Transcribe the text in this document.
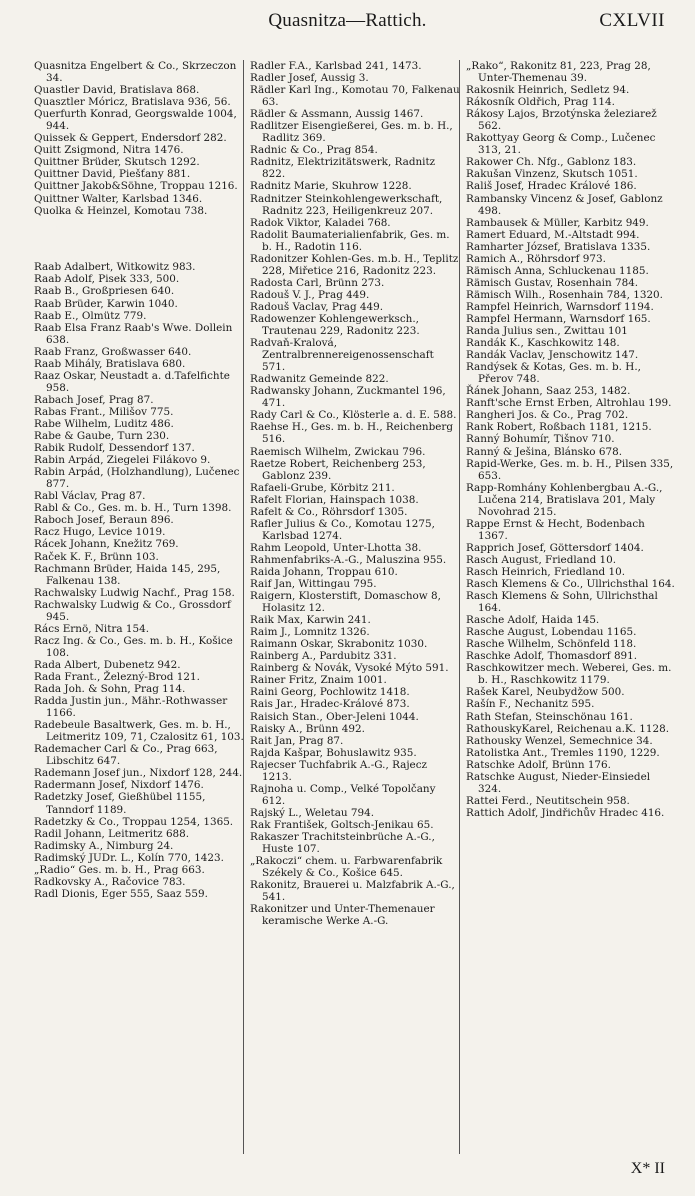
Quasnitza—Rattich.	CXLVII

Quasnitza Engelbert & Co., Skrzeczon 34.

Quastler David, Bratislava 868.

Quasztler Móricz, Bratislava 936, 56.

Querfurth Konrad, Georgswalde 1004, 944.

Quissek & Geppert, Endersdorf 282.

Quitt Zsigmond, Nitra 1476.

Quittner Brüder, Skutsch 1292.

Quittner David, Piešťany 881.

Quittner Jakob&Söhne, Troppau 1216.

Quittner Walter, Karlsbad 1346.

Quolka & Heinzel, Komotau 738.

Raab Adalbert, Witkowitz 983.

Raab Adolf, Pisek 333, 500.

Raab B., Großpriesen 640.

Raab Brüder, Karwin 1040.

Raab E., Olmütz 779.

Raab Elsa Franz Raab's Wwe. Dollein 638.

Raab Franz, Großwasser 640.

Raab Mihály, Bratislava 680.

Raaz Oskar, Neustadt a. d.Tafelfichte 958.

Rabach Josef, Prag 87.

Rabas Frant., Milišov 775.

Rabe Wilhelm, Luditz 486.

Rabe & Gaube, Turn 230.

Rabik Rudolf, Dessendorf 137.

Rabin Arpád, Ziegelei Filákovo 9.

Rabin Arpád, (Holzhandlung), Lučenec 877.

Rabl Václav, Prag 87.

Rabl & Co., Ges. m. b. H., Turn 1398.

Raboch Josef, Beraun 896.

Racz Hugo, Levice 1019.

Rácek Johann, Knežitz 769.

Raček K. F., Brünn 103.

Rachmann Brüder, Haida 145, 295, Falkenau 138.

Rachwalsky Ludwig Nachf., Prag 158.

Rachwalsky Ludwig & Co., Grossdorf 945.

Rács Ernö, Nitra 154.

Racz Ing. & Co., Ges. m. b. H., Košice 108.

Rada Albert, Dubenetz 942.

Rada Frant., Železný-Brod 121.

Rada Joh. & Sohn, Prag 114.

Radda Justin jun., Mähr.-Rothwasser 1166.

Radebeule Basaltwerk, Ges. m. b. H., Leitmeritz 109, 71, Czalositz 61, 103.

Rademacher Carl & Co., Prag 663, Libschitz 647.

Rademann Josef jun., Nixdorf 128, 244.

Radermann Josef, Nixdorf 1476.

Radetzky Josef, Gießhübel 1155, Tanndorf 1189.

Radetzky & Co., Troppau 1254, 1365.

Radil Johann, Leitmeritz 688.

Radimsky A., Nimburg 24.

Radimský JUDr. L., Kolín 770, 1423.

„Radio“ Ges. m. b. H., Prag 663.

Radkovsky A., Račovice 783.

Radl Dionis, Eger 555, Saaz 559.

Radler F.A., Karlsbad 241, 1473.

Radler Josef, Aussig 3.

Rädler Karl Ing., Komotau 70, Falkenau 63.

Rädler & Assmann, Aussig 1467.

Radlitzer Eisengießerei, Ges. m. b. H., Radlitz 369.

Radnic & Co., Prag 854.

Radnitz, Elektrizitätswerk, Radnitz 822.

Radnitz Marie, Skuhrow 1228.

Radnitzer Steinkohlengewerkschaft, Radnitz 223, Heiligenkreuz 207.

Radok Viktor, Kaladei 768.

Radolit Baumaterialienfabrik, Ges. m. b. H., Radotin 116.

Radonitzer Kohlen-Ges. m.b. H., Teplitz 228, Miřetice 216, Radonitz 223.

Radosta Carl, Brünn 273.

Radouš V. J., Prag 449.

Radouš Vaclav, Prag 449.

Radowenzer Kohlengewerksch., Trautenau 229, Radonitz 223.

Radvaň-Kralová, Zentralbrennereigenossenschaft 571.

Radwanitz Gemeinde 822.

Radwansky Johann, Zuckmantel 196, 471.

Rady Carl & Co., Klösterle a. d. E. 588.

Raehse H., Ges. m. b. H., Reichenberg 516.

Raemisch Wilhelm, Zwickau 796.

Raetze Robert, Reichenberg 253, Gablonz 239.

Rafaeli-Grube, Körbitz 211.

Rafelt Florian, Hainspach 1038.

Rafelt & Co., Röhrsdorf 1305.

Rafler Julius & Co., Komotau 1275, Karlsbad 1274.

Rahm Leopold, Unter-Lhotta 38.

Rahmenfabriks-A.-G., Maluszina 955.

Raida Johann, Troppau 610.

Raif Jan, Wittingau 795.

Raigern, Klosterstift, Domaschow 8, Holasitz 12.

Raik Max, Karwin 241.

Raim J., Lomnitz 1326.

Raimann Oskar, Skrabonitz 1030.

Rainberg A., Pardubitz 331.

Rainberg & Novák, Vysoké Mýto 591.

Rainer Fritz, Znaim 1001.

Raini Georg, Pochlowitz 1418.

Rais Jar., Hradec-Králové 873.

Raisich Stan., Ober-Jeleni 1044.

Raisky A., Brünn 492.

Rait Jan, Prag 87.

Rajda Kašpar, Bohuslawitz 935.

Rajecser Tuchfabrik A.-G., Rajecz 1213.

Rajnoha u. Comp., Velké Topolčany 612.

Rajský L., Weletau 794.

Rak František, Goltsch-Jenikau 65.

Rakaszer Trachitsteinbrüche A.-G., Huste 107.

„Rakoczi“ chem. u. Farbwarenfabrik Székely & Co., Košice 645.

Rakonitz, Brauerei u. Malzfabrik A.-G., 541.

Rakonitzer und Unter-Themenauer keramische Werke A.-G.

„Rako“, Rakonitz 81, 223, Prag 28, Unter-Themenau 39.

Rakosnik Heinrich, Sedletz 94.

Rákosník Oldřich, Prag 114.

Rákosy Lajos, Brzotýnska železiarež 562.

Rakottyay Georg & Comp., Lučenec 313, 21.

Rakower Ch. Nfg., Gablonz 183.

Rakušan Vinzenz, Skutsch 1051.

Rališ Josef, Hradec Králové 186.

Rambansky Vincenz & Josef, Gablonz 498.

Rambausek & Müller, Karbitz 949.

Ramert Eduard, M.-Altstadt 994.

Ramharter József, Bratislava 1335.

Ramich A., Röhrsdorf 973.

Rämisch Anna, Schluckenau 1185.

Rämisch Gustav, Rosenhain 784.

Rämisch Wilh., Rosenhain 784, 1320.

Rampfel Heinrich, Warnsdorf 1194.

Rampfel Hermann, Warnsdorf 165.

Randa Julius sen., Zwittau 101

Randák K., Kaschkowitz 148.

Randák Vaclav, Jenschowitz 147.

Randýsek & Kotas, Ges. m. b. H., Přerov 748.

Řánek Johann, Saaz 253, 1482.

Ranft'sche Ernst Erben, Altrohlau 199.

Rangheri Jos. & Co., Prag 702.

Rank Robert, Roßbach 1181, 1215.

Ranný Bohumír, Tišnov 710.

Ranný & Ješina, Blánsko 678.

Rapid-Werke, Ges. m. b. H., Pilsen 335, 653.

Rapp-Romhány Kohlenbergbau A.-G., Lučena 214, Bratislava 201, Maly Novohrad 215.

Rappe Ernst & Hecht, Bodenbach 1367.

Rapprich Josef, Göttersdorf 1404.

Rasch August, Friedland 10.

Rasch Heinrich, Friedland 10.

Rasch Klemens & Co., Ullrichsthal 164.

Rasch Klemens & Sohn, Ullrichsthal 164.

Rasche Adolf, Haida 145.

Rasche August, Lobendau 1165.

Rasche Wilhelm, Schönfeld 118.

Raschke Adolf, Thomasdorf 891.

Raschkowitzer mech. Weberei, Ges. m. b. H., Raschkowitz 1179.

Rašek Karel, Neubydžow 500.

Rašín F., Nechanitz 595.

Rath Stefan, Steinschönau 161.

RathouskyKarel, Reichenau a.K. 1128.

Rathousky Wenzel, Semechnice 34.

Ratolistka Ant., Tremles 1190, 1229.

Ratschke Adolf, Brünn 176.

Ratschke August, Nieder-Einsiedel 324.

Rattei Ferd., Neutitschein 958.

Rattich Adolf, Jindřichův Hradec 416.

X* II
